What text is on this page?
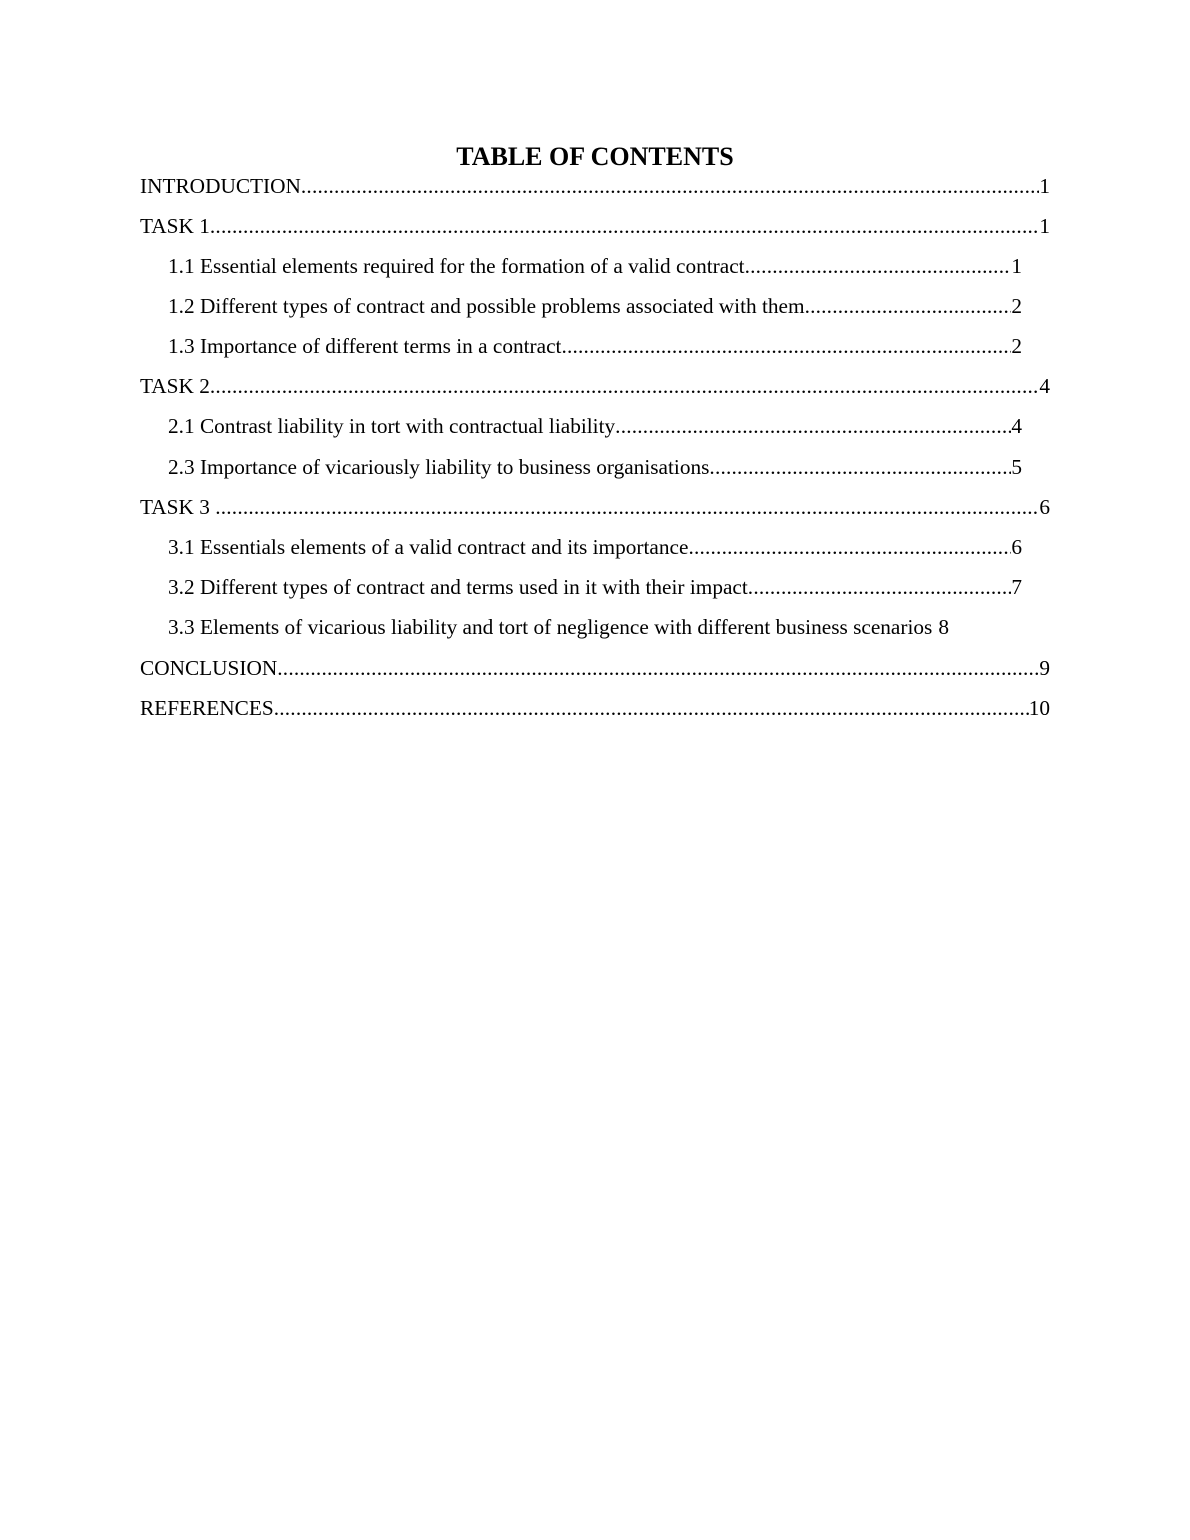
TABLE OF CONTENTS
INTRODUCTION .....	1
TASK 1 .....	1
1.1 Essential elements required for the formation of a valid contract .....	1
1.2 Different types of contract and possible problems associated with them .....	2
1.3 Importance of different terms in a contract .....	2
TASK 2 .....	4
2.1 Contrast liability in tort with contractual liability .....	4
2.3 Importance of vicariously liability to business organisations .....	5
TASK 3 .....	6
3.1 Essentials elements of a valid contract and its importance .....	6
3.2 Different types of contract and terms used in it with their impact .....	7
3.3 Elements of vicarious liability and tort of negligence with different business scenarios 8
CONCLUSION .....	9
REFERENCES .....	10
